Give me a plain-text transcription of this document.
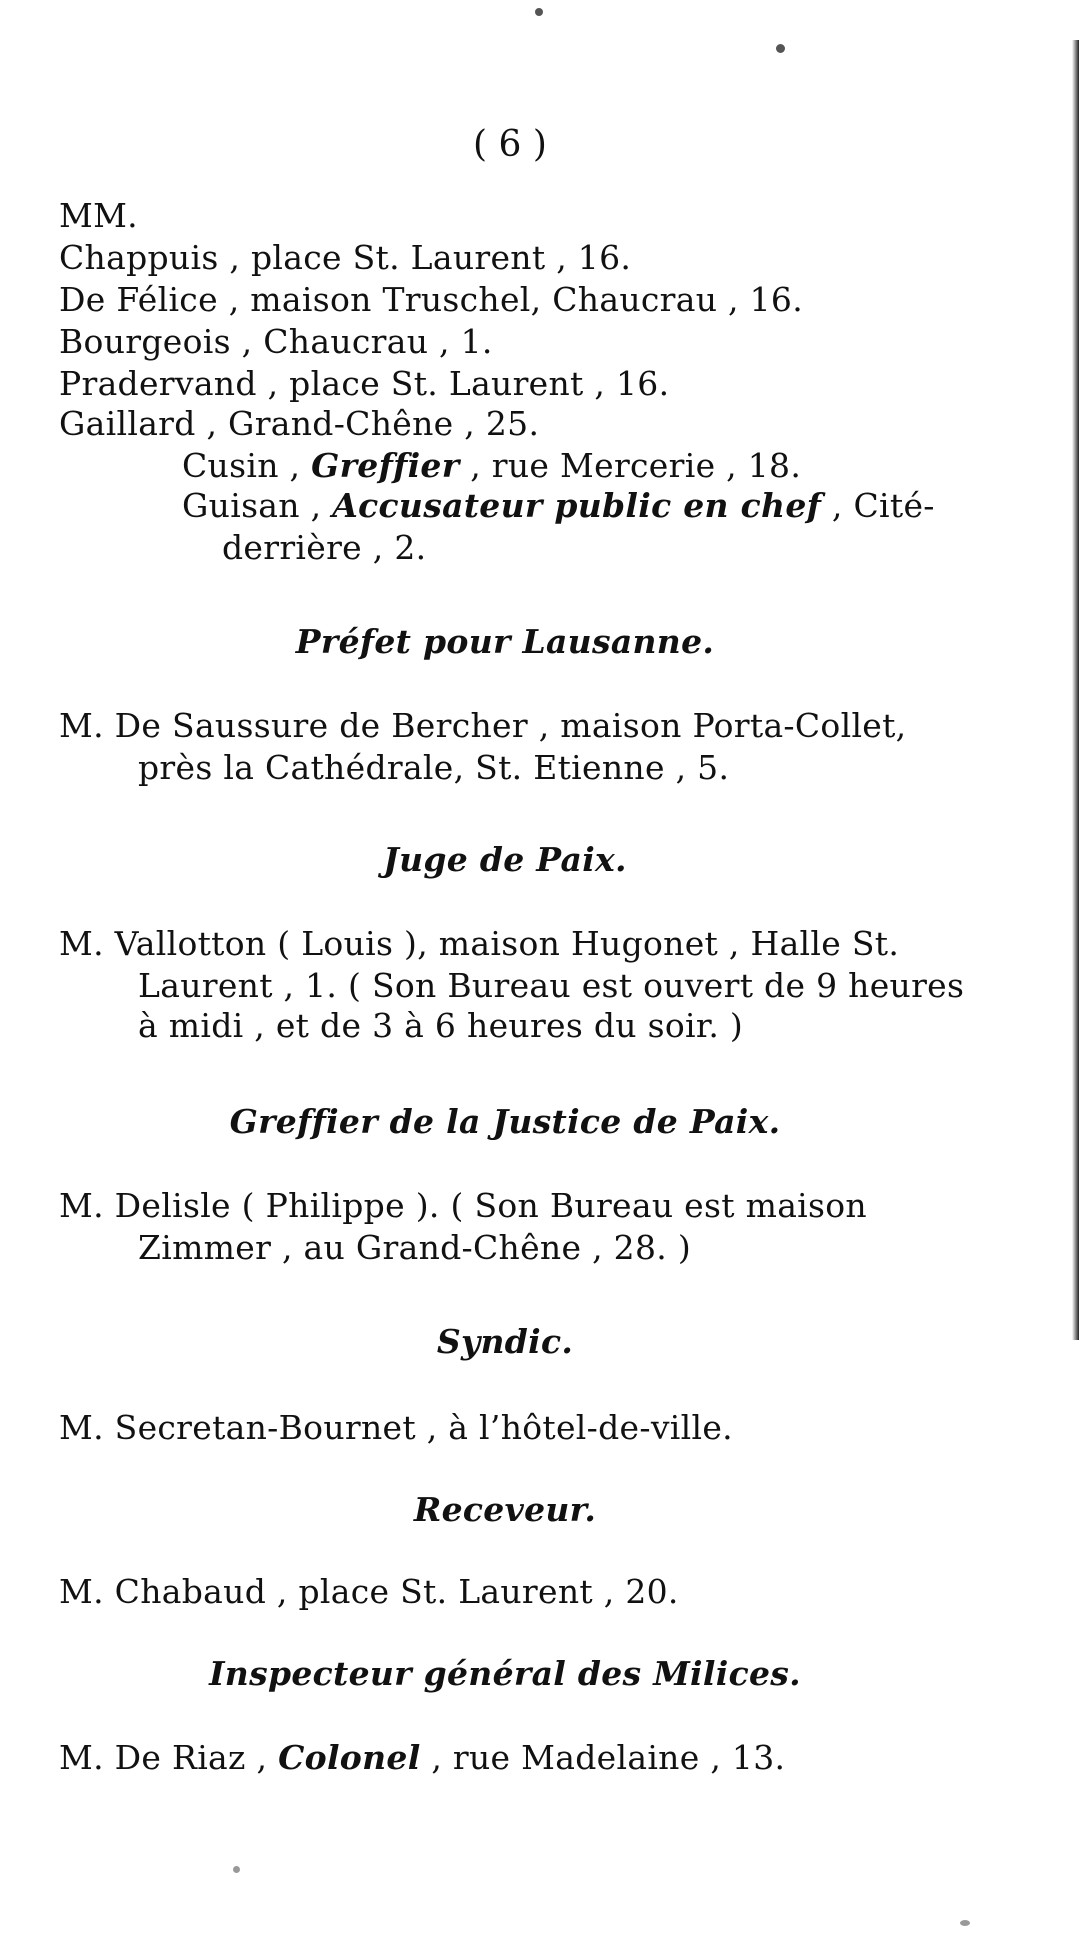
( 6 )
MM.
Chappuis , place St. Laurent , 16.
De Félice , maison Truschel, Chaucrau , 16.
Bourgeois , Chaucrau , 1.
Pradervand , place St. Laurent , 16.
Gaillard , Grand-Chêne , 25.
Cusin , Greffier , rue Mercerie , 18.
Guisan , Accusateur public en chef , Cité-
derrière , 2.
Préfet pour Lausanne.
M. De Saussure de Bercher , maison Porta-Collet,
près la Cathédrale, St. Etienne , 5.
Juge de Paix.
M. Vallotton ( Louis ), maison Hugonet , Halle St.
Laurent , 1. ( Son Bureau est ouvert de 9 heures
à midi , et de 3 à 6 heures du soir. )
Greffier de la Justice de Paix.
M. Delisle ( Philippe ). ( Son Bureau est maison
Zimmer , au Grand-Chêne , 28. )
Syndic.
M. Secretan-Bournet , à l’hôtel-de-ville.
Receveur.
M. Chabaud , place St. Laurent , 20.
Inspecteur général des Milices.
M. De Riaz , Colonel , rue Madelaine , 13.
